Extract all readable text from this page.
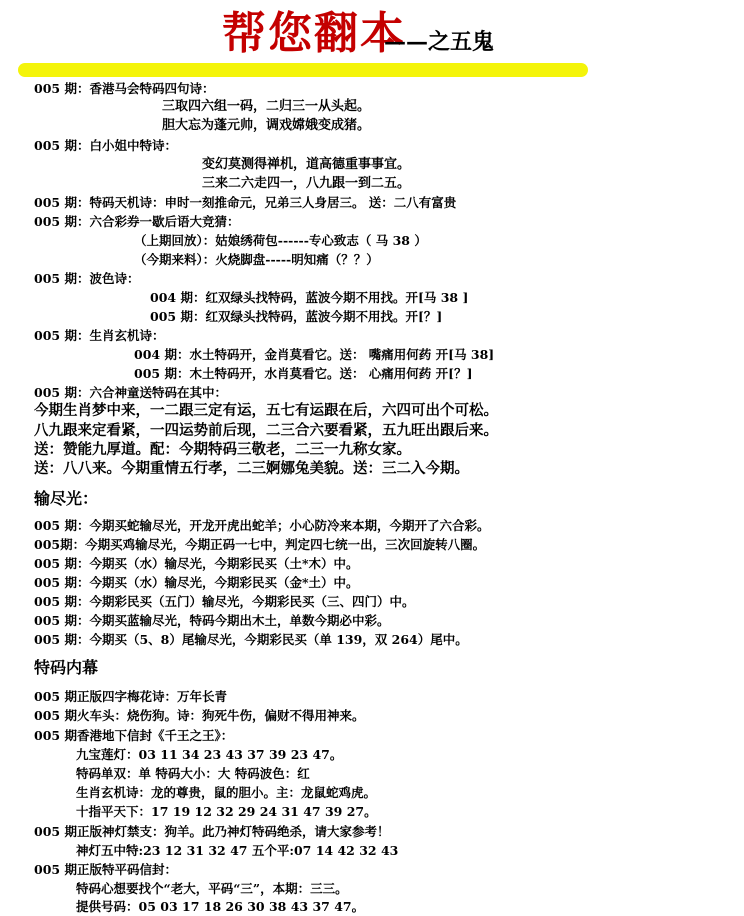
帮您翻本
——之五鬼
005 期：香港马会特码四句诗：
三取四六组一码，二归三一从头起。
胆大忘为蓬元帅，调戏嫦娥变成猪。
005 期：白小姐中特诗：
变幻莫测得禅机，道高德重事事宜。
三来二六走四一，八九跟一到二五。
005 期：特码天机诗：申时一刻推命元，兄弟三人身居三。 送：二八有富贵
005 期：六合彩券一歇后语大竞猜：
（上期回放）：姑娘绣荷包------专心致志（ 马 38 ）
（今期来料）：火烧脚盘-----明知痛（？？）
005 期：波色诗：
004 期：红双绿头找特码，蓝波今期不用找。开[马 38 ]
005 期：红双绿头找特码，蓝波今期不用找。开[？]
005 期：生肖玄机诗：
004 期：水土特码开，金肖莫看它。送： 嘴痛用何药 开[马 38]
005 期：木土特码开，水肖莫看它。送： 心痛用何药 开[？]
005 期：六合神童送特码在其中：
今期生肖梦中来，一二跟三定有运，五七有运跟在后，六四可出个可松。
八九跟来定看紧，一四运势前后现，二三合六要看紧，五九旺出跟后来。
送：赞能九厚道。配：今期特码三敬老，二三一九称女家。
送：八八来。今期重情五行孝，二三婀娜兔美貌。送：三二入今期。
输尽光：
005 期：今期买蛇输尽光，开龙开虎出蛇羊；小心防冷来本期，今期开了六合彩。
005期：今期买鸡输尽光，今期正码一七中，判定四七统一出，三次回旋转八圈。
005 期：今期买（水）输尽光，今期彩民买（土*木）中。
005 期：今期买（水）输尽光，今期彩民买（金*土）中。
005 期：今期彩民买（五门）输尽光，今期彩民买（三、四门）中。
005 期：今期买蓝输尽光，特码今期出木土，单数今期必中彩。
005 期：今期买（5、8）尾输尽光，今期彩民买（单 139，双 264）尾中。
特码内幕
005 期正版四字梅花诗：万年长青
005 期火车头：烧伤狗。诗：狗死牛伤，偏财不得用神来。
005 期香港地下信封《千王之王》：
九宝莲灯：03 11 34 23 43 37 39 23 47。
特码单双：单 特码大小：大 特码波色：红
生肖玄机诗：龙的尊贵，鼠的胆小。主：龙鼠蛇鸡虎。
十指平天下：17 19 12 32 29 24 31 47 39 27。
005 期正版神灯禁支：狗羊。此乃神灯特码绝杀，请大家参考！
神灯五中特:23 12 31 32 47 五个平:07 14 42 32 43
005 期正版特平码信封：
特码心想要找个“老大，平码“三”，本期：三三。
提供号码：05 03 17 18 26 30 38 43 37 47。
